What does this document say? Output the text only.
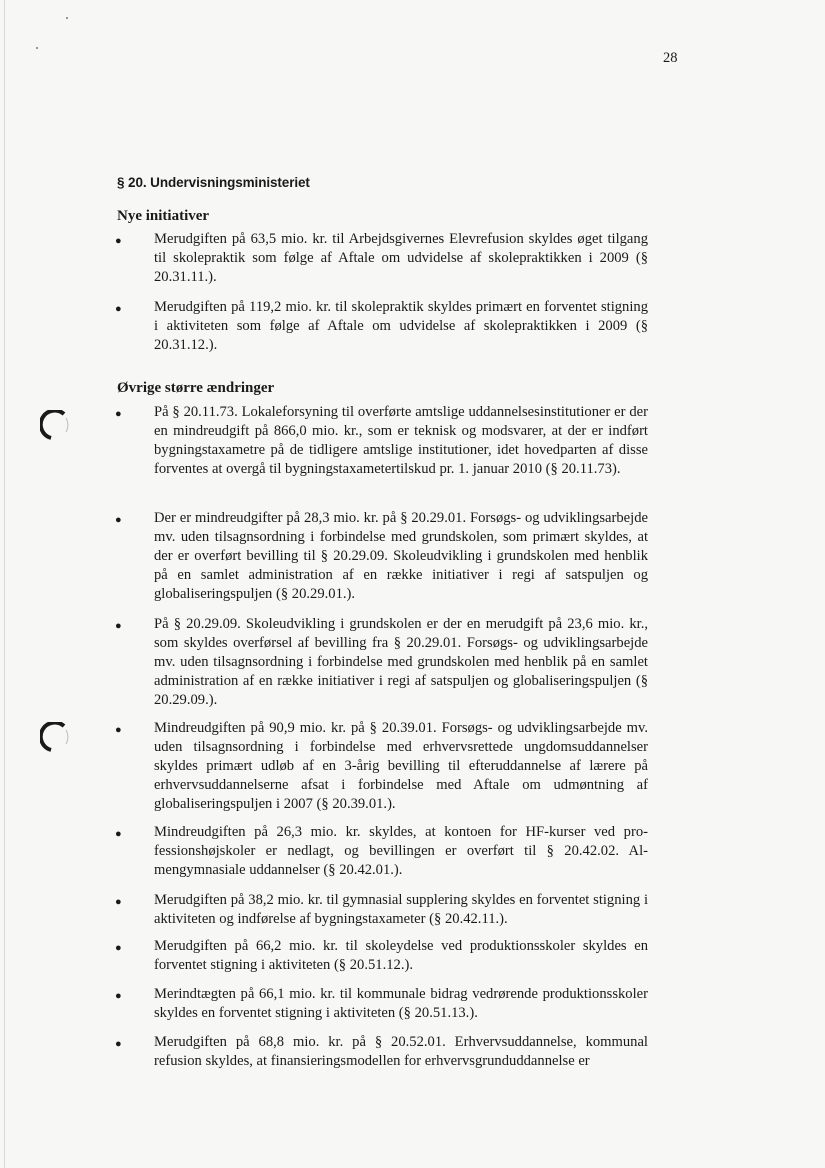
28
§ 20. Undervisningsministeriet
Nye initiativer
● Merudgiften på 63,5 mio. kr. til Arbejdsgivernes Elevrefusion skyldes øget tilgang til skolepraktik som følge af Aftale om udvidelse af skolepraktikken i 2009 (§ 20.31.11.).
● Merudgiften på 119,2 mio. kr. til skolepraktik skyldes primært en forventet stigning i aktiviteten som følge af Aftale om udvidelse af skolepraktikken i 2009 (§ 20.31.12.).
Øvrige større ændringer
● På § 20.11.73. Lokaleforsyning til overførte amtslige uddannelsesinstitutioner er der en mindreudgift på 866,0 mio. kr., som er teknisk og modsvarer, at der er indført bygningstaxametre på de tidligere amtslige institutioner, idet hovedparten af disse forventes at overgå til bygningstaxametertilskud pr. 1. januar 2010 (§ 20.11.73).
● Der er mindreudgifter på 28,3 mio. kr. på § 20.29.01. Forsøgs- og udviklingsarbejde mv. uden tilsagnsordning i forbindelse med grundskolen, som primært skyldes, at der er overført bevilling til § 20.29.09. Skoleudvikling i grundskolen med henblik på en samlet administration af en række initiativer i regi af satspuljen og globaliseringspuljen (§ 20.29.01.).
● På § 20.29.09. Skoleudvikling i grundskolen er der en merudgift på 23,6 mio. kr., som skyldes overførsel af bevilling fra § 20.29.01. Forsøgs- og udviklingsarbejde mv. uden tilsagnsordning i forbindelse med grundskolen med henblik på en samlet administration af en række initiativer i regi af satspuljen og globaliseringspuljen (§ 20.29.09.).
● Mindreudgiften på 90,9 mio. kr. på § 20.39.01. Forsøgs- og udviklingsarbejde mv. uden tilsagnsordning i forbindelse med erhvervsrettede ungdomsuddannelser skyldes primært udløb af en 3-årig bevilling til efteruddannelse af lærere på erhvervsuddannelserne afsat i forbindelse med Aftale om udmøntning af globaliseringspuljen i 2007 (§ 20.39.01.).
● Mindreudgiften på 26,3 mio. kr. skyldes, at kontoen for HF-kurser ved professionshøjskoler er nedlagt, og bevillingen er overført til § 20.42.02. Almengymnasiale uddannelser (§ 20.42.01.).
● Merudgiften på 38,2 mio. kr. til gymnasial supplering skyldes en forventet stigning i aktiviteten og indførelse af bygningstaxameter (§ 20.42.11.).
● Merudgiften på 66,2 mio. kr. til skoleydelse ved produktionsskoler skyldes en forventet stigning i aktiviteten (§ 20.51.12.).
● Merindtægten på 66,1 mio. kr. til kommunale bidrag vedrørende produktionsskoler skyldes en forventet stigning i aktiviteten (§ 20.51.13.).
● Merudgiften på 68,8 mio. kr. på § 20.52.01. Erhvervsuddannelse, kommunal refusion skyldes, at finansieringsmodellen for erhvervsgrunduddannelse er
